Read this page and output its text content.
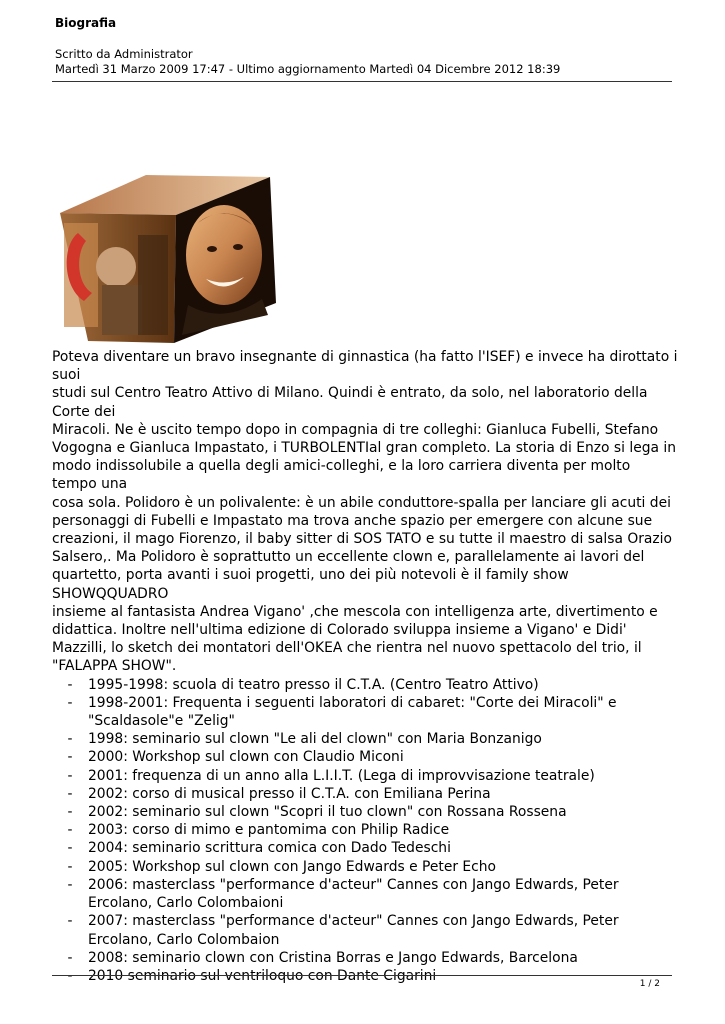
Biografia
Scritto da Administrator
Martedì 31 Marzo 2009 17:47 - Ultimo aggiornamento Martedì 04 Dicembre 2012 18:39

Poteva diventare un bravo insegnante di ginnastica (ha fatto l'ISEF) e invece ha dirottato i suoi
studi sul Centro Teatro Attivo di Milano. Quindi è entrato, da solo, nel laboratorio della Corte dei
Miracoli. Ne è uscito tempo dopo in compagnia di tre colleghi: Gianluca Fubelli, Stefano
Vogogna e Gianluca Impastato, i TURBOLENTIal gran completo. La storia di Enzo si lega in
modo indissolubile a quella degli amici-colleghi, e la loro carriera diventa per molto tempo una
cosa sola. Polidoro è un polivalente: è un abile conduttore-spalla per lanciare gli acuti dei
personaggi di Fubelli e Impastato ma trova anche spazio per emergere con alcune sue
creazioni, il mago Fiorenzo, il baby sitter di SOS TATO e su tutte il maestro di salsa Orazio
Salsero,. Ma Polidoro è soprattutto un eccellente clown e, parallelamente ai lavori del
quartetto, porta avanti i suoi progetti, uno dei più notevoli è il family show SHOWQQUADRO
insieme al fantasista Andrea Vigano' ,che mescola con intelligenza arte, divertimento e
didattica. Inoltre nell'ultima edizione di Colorado sviluppa insieme a Vigano' e Didi'
Mazzilli, lo sketch dei montatori dell'OKEA che rientra nel nuovo spettacolo del trio, il
"FALAPPA SHOW".

- 1995-1998: scuola di teatro presso il C.T.A. (Centro Teatro Attivo)
- 1998-2001: Frequenta i seguenti laboratori di cabaret: "Corte dei Miracoli" e "Scaldasole"e "Zelig"
- 1998: seminario sul clown "Le ali del clown" con Maria Bonzanigo
- 2000: Workshop sul clown con Claudio Miconi
- 2001: frequenza di un anno alla L.I.I.T. (Lega di improvvisazione teatrale)
- 2002: corso di musical presso il C.T.A. con Emiliana Perina
- 2002: seminario sul clown "Scopri il tuo clown" con Rossana Rossena
- 2003: corso di mimo e pantomima con Philip Radice
- 2004: seminario scrittura comica con Dado Tedeschi
- 2005: Workshop sul clown con Jango Edwards e Peter Echo
- 2006: masterclass "performance d'acteur" Cannes con Jango Edwards, Peter Ercolano, Carlo Colombaioni
- 2007: masterclass "performance d'acteur" Cannes con Jango Edwards, Peter Ercolano, Carlo Colombaion
- 2008: seminario clown con Cristina Borras e Jango Edwards, Barcelona
- 2010 seminario sul ventriloquo con Dante Cigarini
1 / 2
